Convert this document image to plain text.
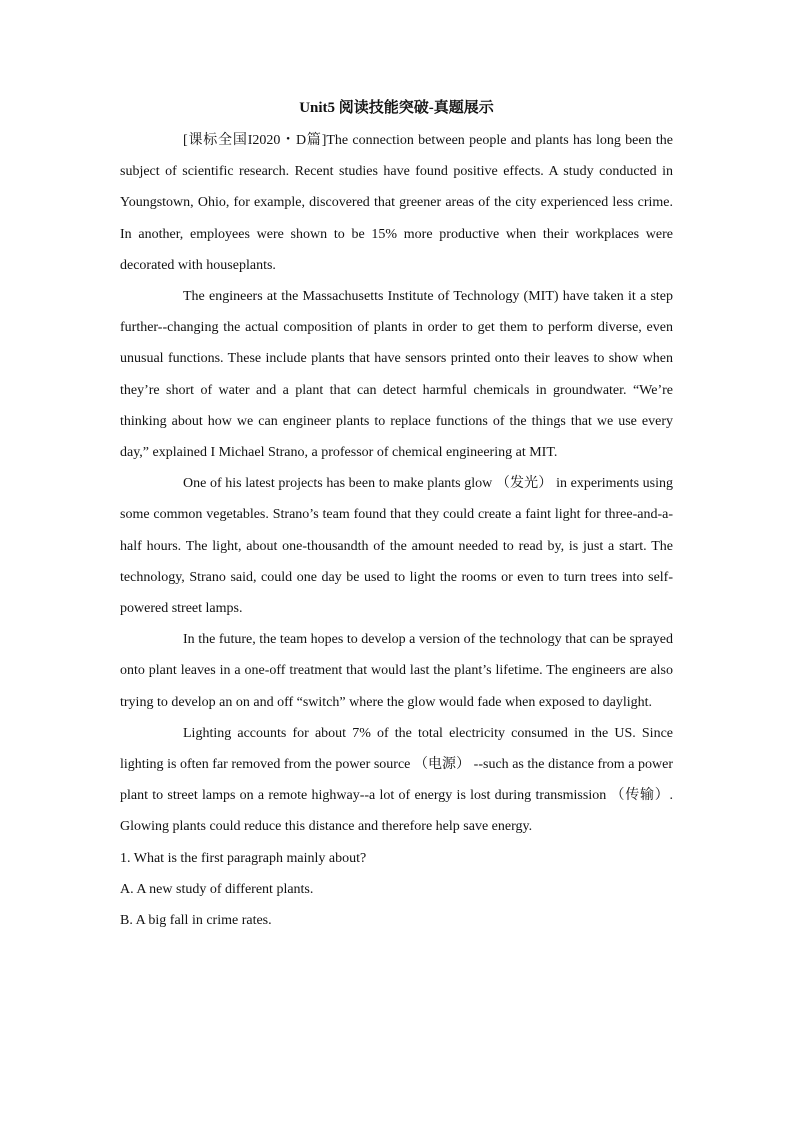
Unit5 阅读技能突破-真题展示

[课标全国I2020・D篇]The connection between people and plants has long been the subject of scientific research. Recent studies have found positive effects. A study conducted in Youngstown, Ohio, for example, discovered that greener areas of the city experienced less crime. In another, employees were shown to be 15% more productive when their workplaces were decorated with houseplants.

The engineers at the Massachusetts Institute of Technology (MIT) have taken it a step further--changing the actual composition of plants in order to get them to perform diverse, even unusual functions. These include plants that have sensors printed onto their leaves to show when they’re short of water and a plant that can detect harmful chemicals in groundwater. “We’re thinking about how we can engineer plants to replace functions of the things that we use every day,” explained I Michael Strano, a professor of chemical engineering at MIT.

One of his latest projects has been to make plants glow （发光） in experiments using some common vegetables. Strano’s team found that they could create a faint light for three-and-a-half hours. The light, about one-thousandth of the amount needed to read by, is just a start. The technology, Strano said, could one day be used to light the rooms or even to turn trees into self-powered street lamps.

In the future, the team hopes to develop a version of the technology that can be sprayed onto plant leaves in a one-off treatment that would last the plant’s lifetime. The engineers are also trying to develop an on and off “switch” where the glow would fade when exposed to daylight.

Lighting accounts for about 7% of the total electricity consumed in the US. Since lighting is often far removed from the power source （电源） --such as the distance from a power plant to street lamps on a remote highway--a lot of energy is lost during transmission （传输）. Glowing plants could reduce this distance and therefore help save energy.

1. What is the first paragraph mainly about?

A. A new study of different plants.

B. A big fall in crime rates.
